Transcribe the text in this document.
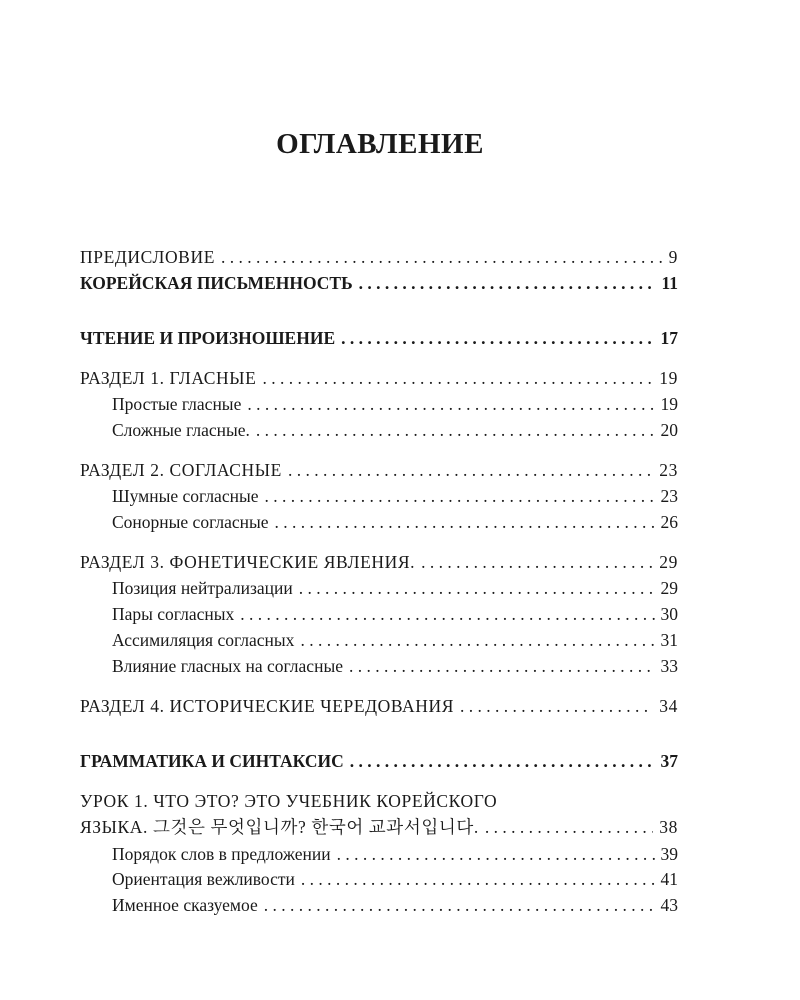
ОГЛАВЛЕНИЕ
ПРЕДИСЛОВИЕ . . .	9
КОРЕЙСКАЯ ПИСЬМЕННОСТЬ . . .	11
ЧТЕНИЕ И ПРОИЗНОШЕНИЕ . . .	17
РАЗДЕЛ 1. ГЛАСНЫЕ . . .	19
Простые гласные . . .	19
Сложные гласные. . . .	20
РАЗДЕЛ 2. СОГЛАСНЫЕ . . .	23
Шумные согласные . . .	23
Сонорные согласные . . .	26
РАЗДЕЛ 3. ФОНЕТИЧЕСКИЕ ЯВЛЕНИЯ. . . .	29
Позиция нейтрализации . . .	29
Пары согласных . . .	30
Ассимиляция согласных . . .	31
Влияние гласных на согласные . . .	33
РАЗДЕЛ 4. ИСТОРИЧЕСКИЕ ЧЕРЕДОВАНИЯ . . .	34
ГРАММАТИКА И СИНТАКСИС . . .	37
УРОК 1. ЧТО ЭТО? ЭТО УЧЕБНИК КОРЕЙСКОГО
ЯЗЫКА. 그것은 무엇입니까? 한국어 교과서입니다. . . .	38
Порядок слов в предложении . . .	39
Ориентация вежливости . . .	41
Именное сказуемое . . .	43
